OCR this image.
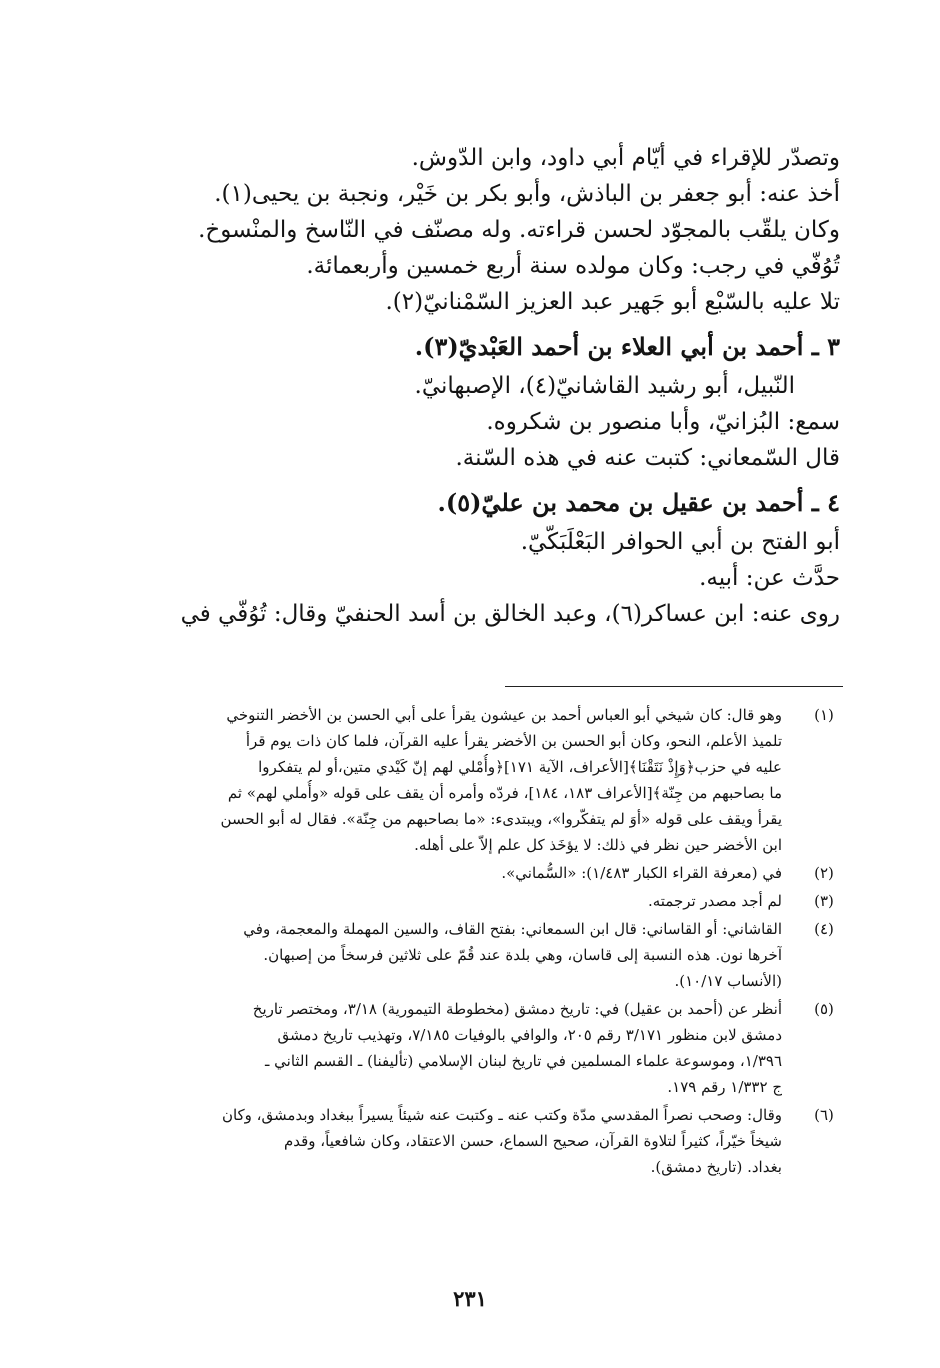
وتصدّر للإقراء في أيّام أبي داود، وابن الدّوش.
أخذ عنه: أبو جعفر بن الباذش، وأبو بكر بن خَيْر، ونجبة بن يحيى(١).
وكان يلقّب بالمجوّد لحسن قراءته. وله مصنّف في النّاسخ والمنْسوخ.
تُوُفّي في رجب: وكان مولده سنة أربع خمسين وأربعمائة.
تلا عليه بالسّبْع أبو جَهير عبد العزيز السّمْنانيّ(٢).
٣ ـ أحمد بن أبي العلاء بن أحمد العَبْديّ(٣).
النّبيل، أبو رشيد القاشانيّ(٤)، الإصبهانيّ.
سمع: البُزانيّ، وأبا منصور بن شكروه.
قال السّمعاني: كتبت عنه في هذه السّنة.
٤ ـ أحمد بن عقيل بن محمد بن عليّ(٥).
أبو الفتح بن أبي الحوافر البَعْلَبَكّيّ.
حدَّث عن: أبيه.
روى عنه: ابن عساكر(٦)، وعبد الخالق بن أسد الحنفيّ وقال: تُوُفّي في
(١)
وهو قال: كان شيخي أبو العباس أحمد بن عيشون يقرأ على أبي الحسن بن الأخضر التنوخي
تلميذ الأعلم، النحو، وكان أبو الحسن بن الأخضر يقرأ عليه القرآن، فلما كان ذات يوم قرأ
عليه في حزب﴿وَإِذْ نَتَقْنَا﴾[الأعراف، الآية ١٧١]﴿وأُمْلي لهم إنّ كَيْدي متين،أو لم يتفكروا
ما بصاحبهم من جِنّة﴾[الأعراف ١٨٣، ١٨٤]، فردّه وأمره أن يقف على قوله «وأُملي لهم» ثم
يقرأ ويقف على قوله «أوَ لم يتفكّروا»، ويبتدىء: «ما بصاحبهم من جِنّة». فقال له أبو الحسن
ابن الأخضر حين نظر في ذلك: لا يؤخَذ كل علم إلاّ على أهله.
(٢)
في (معرفة القراء الكبار ١/٤٨٣): «السُّماني».
(٣)
لم أجد مصدر ترجمته.
(٤)
القاشاني: أو القاساني: قال ابن السمعاني: بفتح القاف، والسين المهملة والمعجمة، وفي
آخرها نون. هذه النسبة إلى قاسان، وهي بلدة عند قُمّ على ثلاثين فرسخاً من إصبهان.
(الأنساب ١٠/١٧).
(٥)
أنظر عن (أحمد بن عقيل) في: تاريخ دمشق (مخطوطة التيمورية) ٣/١٨، ومختصر تاريخ
دمشق لابن منظور ٣/١٧١ رقم ٢٠٥، والوافي بالوفيات ٧/١٨٥، وتهذيب تاريخ دمشق
١/٣٩٦، وموسوعة علماء المسلمين في تاريخ لبنان الإسلامي (تأليفنا) ـ القسم الثاني ـ
ج ١/٣٣٢ رقم ١٧٩.
(٦)
وقال: وصحب نصراً المقدسي مدّة وكتب عنه ـ وكتبت عنه شيئاً يسيراً ببغداد وبدمشق، وكان
شيخاً خيّراً، كثيراً لتلاوة القرآن، صحيح السماع، حسن الاعتقاد، وكان شافعياً، وقدم
بغداد. (تاريخ دمشق).
٢٣١
